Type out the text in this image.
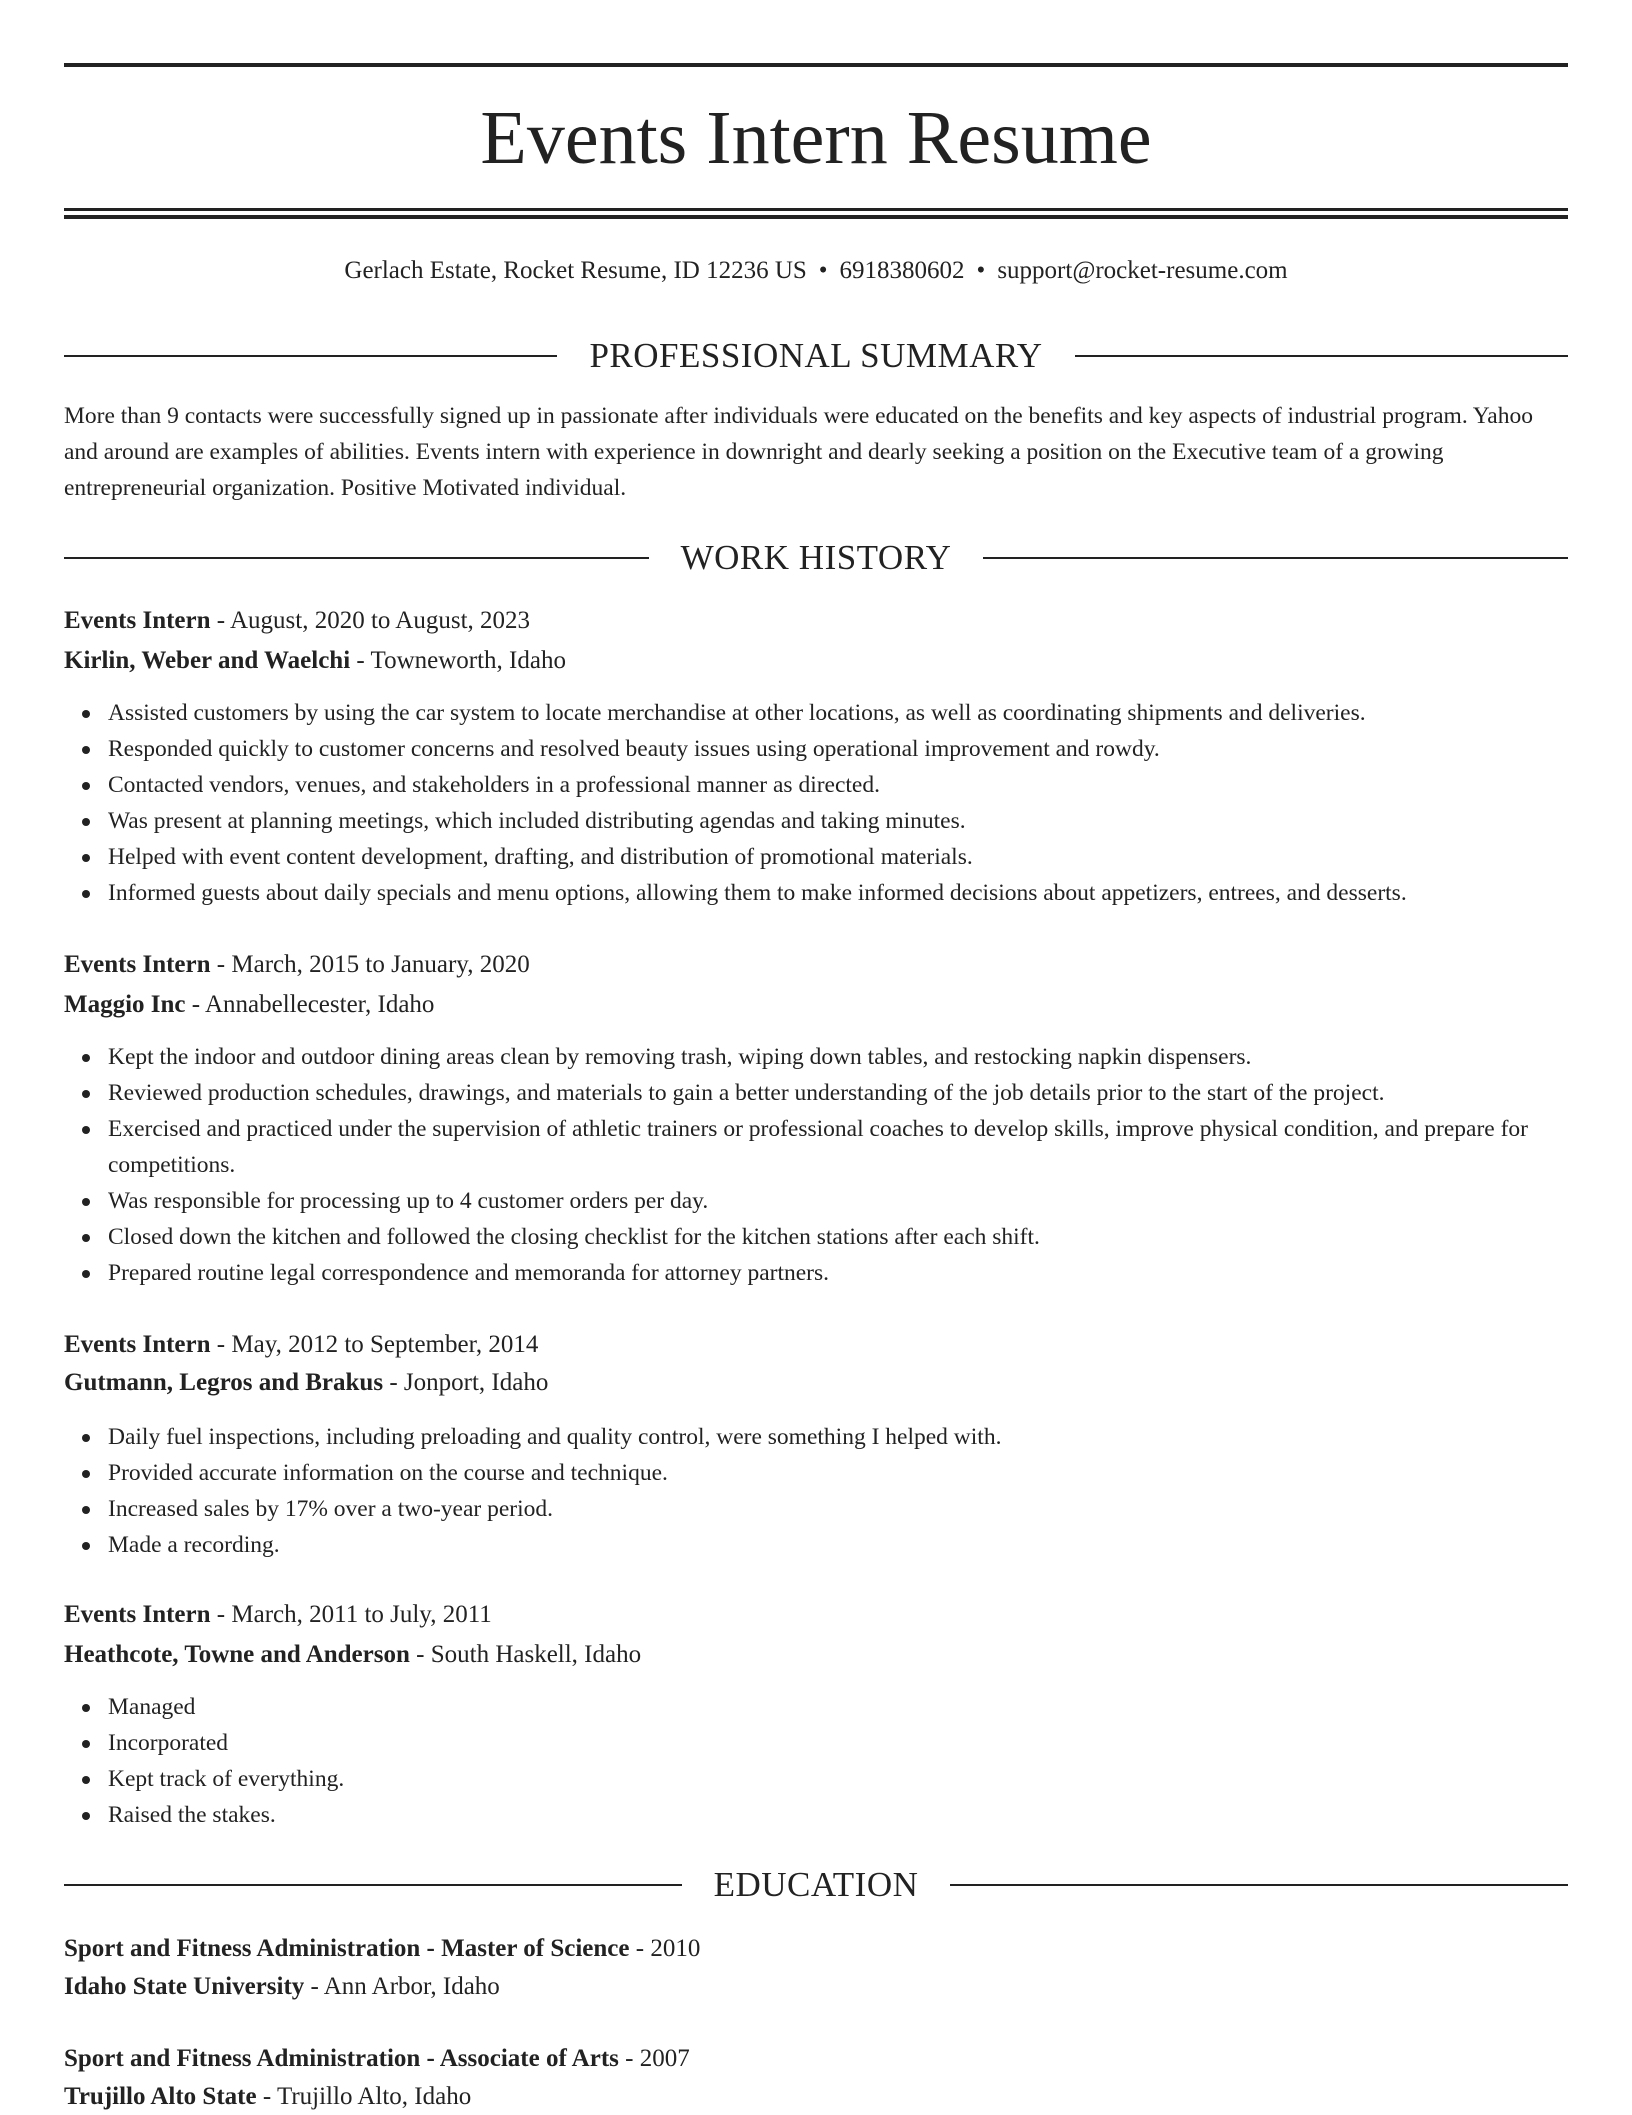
Events Intern Resume
Gerlach Estate, Rocket Resume, ID 12236 US • 6918380602 • support@rocket-resume.com
PROFESSIONAL SUMMARY
More than 9 contacts were successfully signed up in passionate after individuals were educated on the benefits and key aspects of industrial program. Yahoo and around are examples of abilities. Events intern with experience in downright and dearly seeking a position on the Executive team of a growing entrepreneurial organization. Positive Motivated individual.
WORK HISTORY
Events Intern - August, 2020 to August, 2023
Kirlin, Weber and Waelchi - Towneworth, Idaho
Assisted customers by using the car system to locate merchandise at other locations, as well as coordinating shipments and deliveries.
Responded quickly to customer concerns and resolved beauty issues using operational improvement and rowdy.
Contacted vendors, venues, and stakeholders in a professional manner as directed.
Was present at planning meetings, which included distributing agendas and taking minutes.
Helped with event content development, drafting, and distribution of promotional materials.
Informed guests about daily specials and menu options, allowing them to make informed decisions about appetizers, entrees, and desserts.
Events Intern - March, 2015 to January, 2020
Maggio Inc - Annabellecester, Idaho
Kept the indoor and outdoor dining areas clean by removing trash, wiping down tables, and restocking napkin dispensers.
Reviewed production schedules, drawings, and materials to gain a better understanding of the job details prior to the start of the project.
Exercised and practiced under the supervision of athletic trainers or professional coaches to develop skills, improve physical condition, and prepare for competitions.
Was responsible for processing up to 4 customer orders per day.
Closed down the kitchen and followed the closing checklist for the kitchen stations after each shift.
Prepared routine legal correspondence and memoranda for attorney partners.
Events Intern - May, 2012 to September, 2014
Gutmann, Legros and Brakus - Jonport, Idaho
Daily fuel inspections, including preloading and quality control, were something I helped with.
Provided accurate information on the course and technique.
Increased sales by 17% over a two-year period.
Made a recording.
Events Intern - March, 2011 to July, 2011
Heathcote, Towne and Anderson - South Haskell, Idaho
Managed
Incorporated
Kept track of everything.
Raised the stakes.
EDUCATION
Sport and Fitness Administration - Master of Science - 2010
Idaho State University - Ann Arbor, Idaho
Sport and Fitness Administration - Associate of Arts - 2007
Trujillo Alto State - Trujillo Alto, Idaho
